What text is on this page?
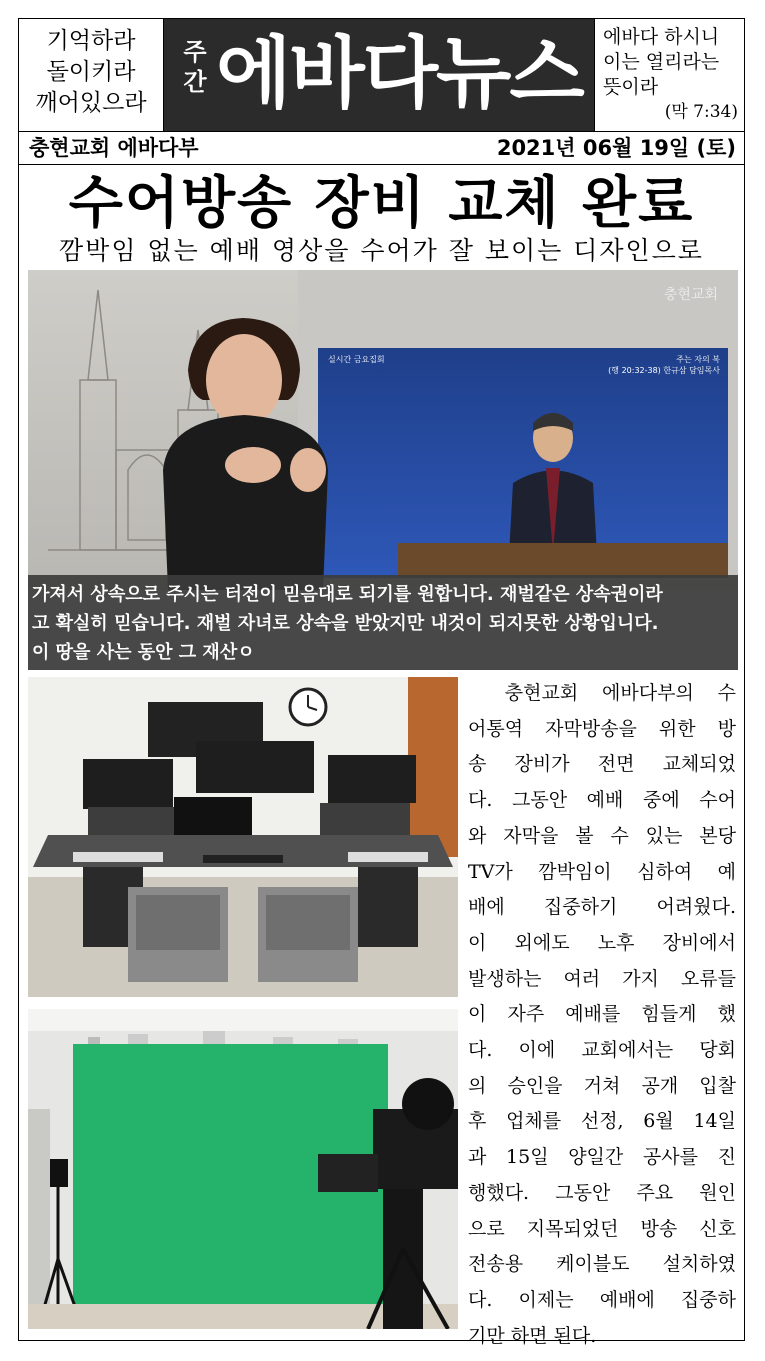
기억하라
돌이키라
깨어있으라
주
간 에바다뉴스 에바다 하시니
이는 열리라는
뜻이라
(막 7:34)
충현교회 에바다부	2021년 06월 19일 (토)
수어방송 장비 교체 완료
깜박임 없는 예배 영상을 수어가 잘 보이는 디자인으로
충현교회
실시간 금요집회	주는 자의 복
(행 20:32-38) 한규삼 담임목사
가져서 상속으로 주시는 터전이 믿음대로 되기를 원합니다. 재벌같은 상속권이라
고 확실히 믿습니다. 재벌 자녀로 상속을 받았지만 내것이 되지못한 상황입니다.
이 땅을 사는 동안 그 재산ㅇ

　충현교회 에바다부의 수

어통역 자막방송을 위한 방

송 장비가 전면 교체되었

다. 그동안 예배 중에 수어

와 자막을 볼 수 있는 본당

TV가 깜박임이 심하여 예

배에 집중하기 어려웠다.

이 외에도 노후 장비에서

발생하는 여러 가지 오류들

이 자주 예배를 힘들게 했

다. 이에 교회에서는 당회

의 승인을 거쳐 공개 입찰

후 업체를 선정, 6월 14일

과 15일 양일간 공사를 진

행했다. 그동안 주요 원인

으로 지목되었던 방송 신호

전송용 케이블도 설치하였

다. 이제는 예배에 집중하

기만 하면 된다.
